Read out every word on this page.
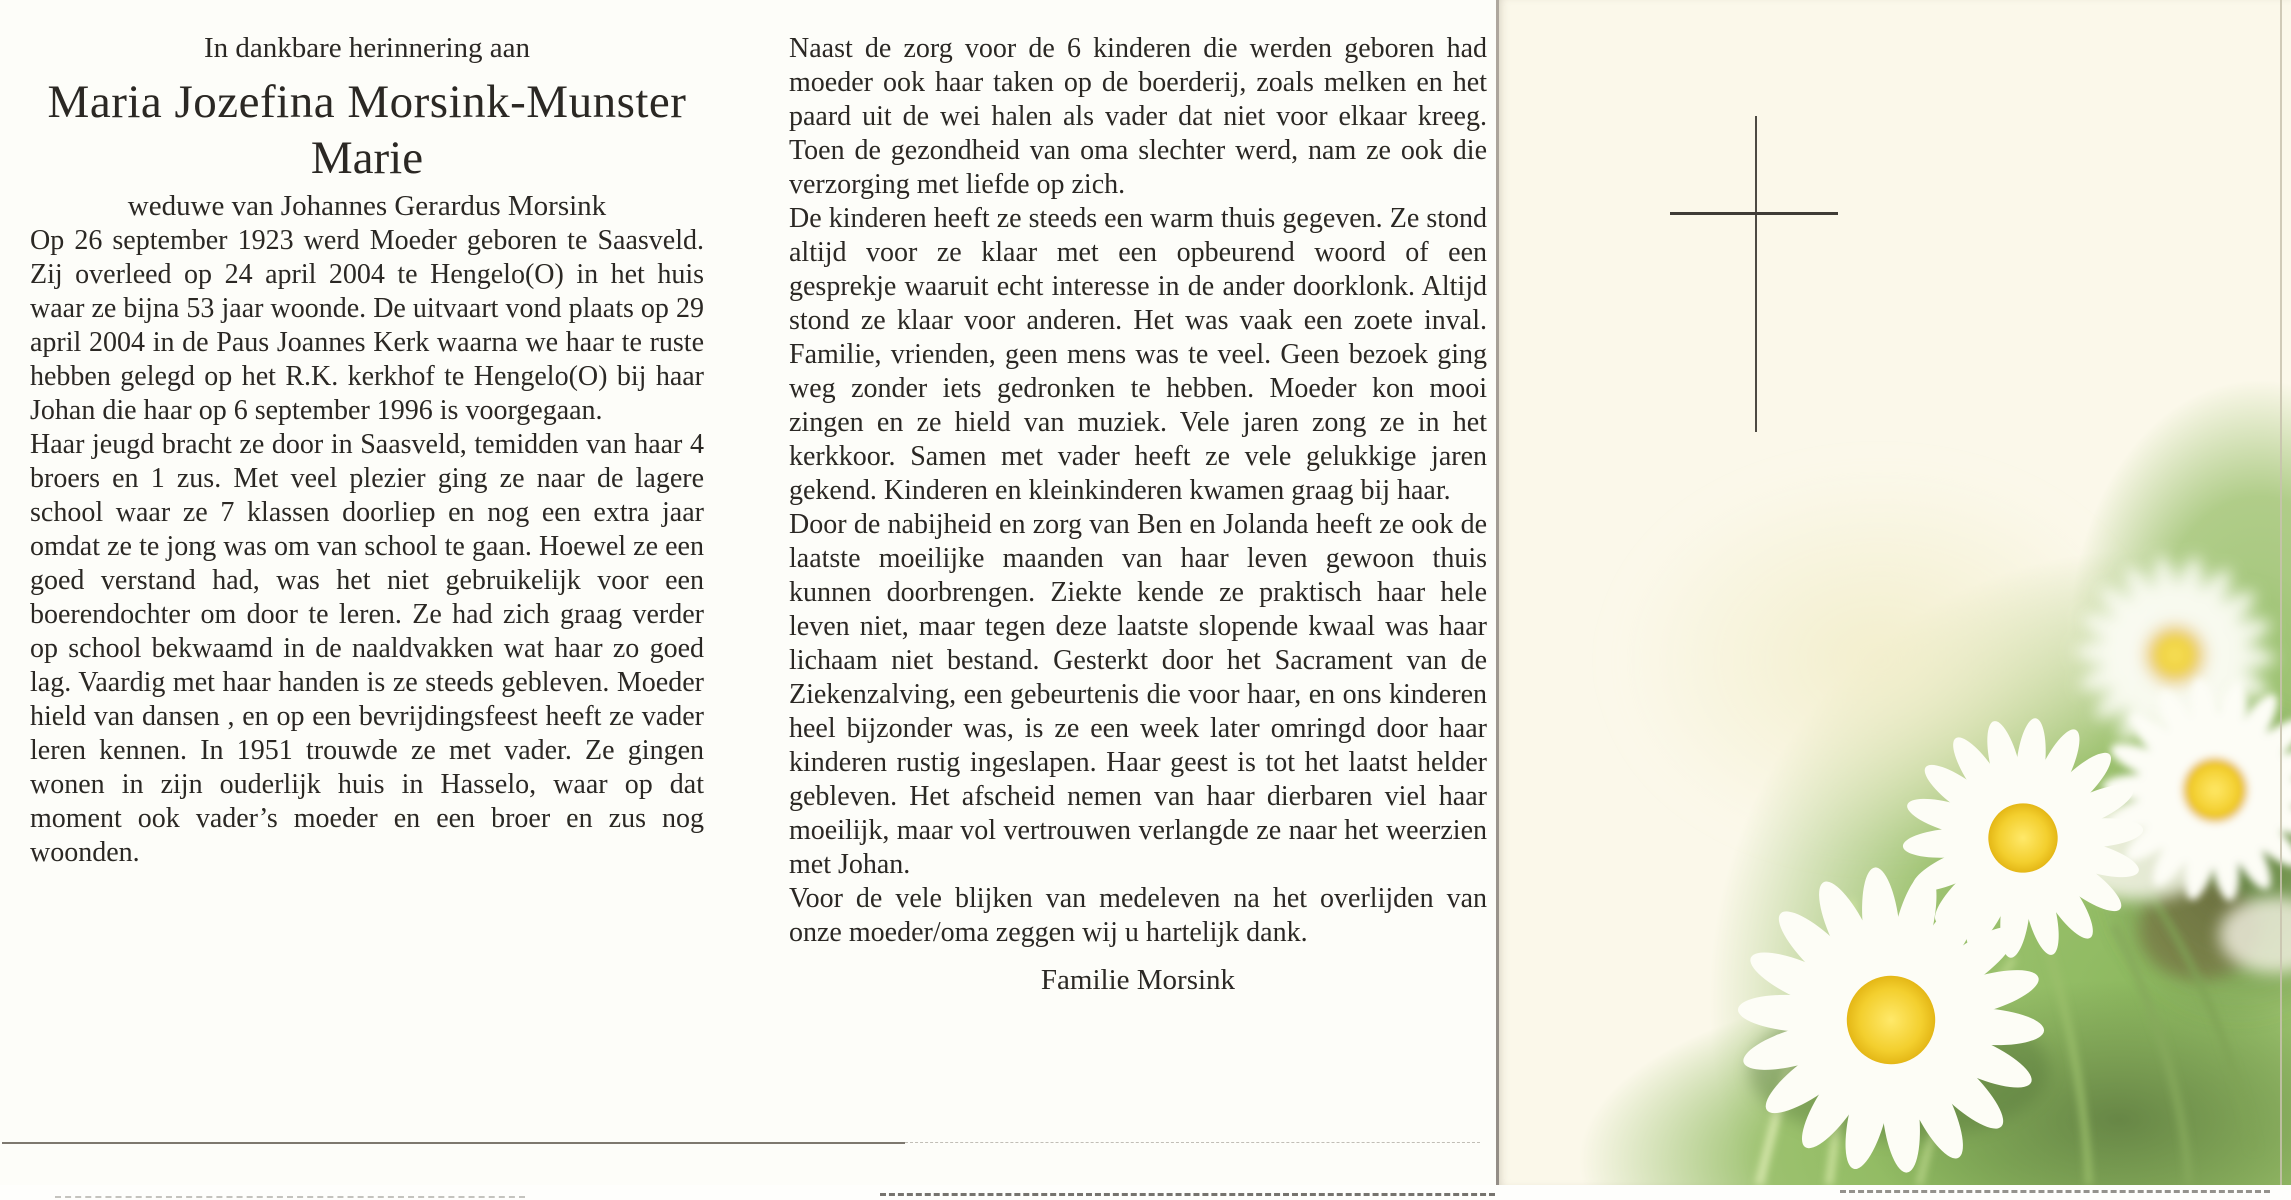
In dankbare herinnering aan
Maria Jozefina Morsink-Munster
Marie
weduwe van Johannes Gerardus Morsink

Op 26 september 1923 werd Moeder geboren te Saasveld. Zij overleed op 24 april 2004 te Hengelo(O) in het huis waar ze bijna 53 jaar woonde. De uitvaart vond plaats op 29 april 2004 in de Paus Joannes Kerk waarna we haar te ruste hebben gelegd op het R.K. kerkhof te Hengelo(O) bij haar Johan die haar op 6 september 1996 is voorgegaan.

Haar jeugd bracht ze door in Saasveld, temidden van haar 4 broers en 1 zus. Met veel plezier ging ze naar de lagere school waar ze 7 klassen doorliep en nog een extra jaar omdat ze te jong was om van school te gaan. Hoewel ze een goed verstand had, was het niet gebruikelijk voor een boerendochter om door te leren. Ze had zich graag verder op school bekwaamd in de naaldvakken wat haar zo goed lag. Vaardig met haar handen is ze steeds gebleven. Moeder hield van dansen , en op een bevrijdingsfeest heeft ze vader leren kennen. In 1951 trouwde ze met vader. Ze gingen wonen in zijn ouderlijk huis in Hasselo, waar op dat moment ook vader’s moeder en een broer en zus nog woonden.

Naast de zorg voor de 6 kinderen die werden geboren had moeder ook haar taken op de boerderij, zoals melken en het paard uit de wei halen als vader dat niet voor elkaar kreeg. Toen de gezondheid van oma slechter werd, nam ze ook die verzorging met liefde op zich.

De kinderen heeft ze steeds een warm thuis gegeven. Ze stond altijd voor ze klaar met een opbeurend woord of een gesprekje waaruit echt interesse in de ander doorklonk. Altijd stond ze klaar voor anderen. Het was vaak een zoete inval. Familie, vrienden, geen mens was te veel. Geen bezoek ging weg zonder iets gedronken te hebben. Moeder kon mooi zingen en ze hield van muziek. Vele jaren zong ze in het kerkkoor. Samen met vader heeft ze vele gelukkige jaren gekend. Kinderen en kleinkinderen kwamen graag bij haar.

Door de nabijheid en zorg van Ben en Jolanda heeft ze ook de laatste moeilijke maanden van haar leven gewoon thuis kunnen doorbrengen. Ziekte kende ze praktisch haar hele leven niet, maar tegen deze laatste slopende kwaal was haar lichaam niet bestand. Gesterkt door het Sacrament van de Ziekenzalving, een gebeurtenis die voor haar, en ons kinderen heel bijzonder was, is ze een week later omringd door haar kinderen rustig ingeslapen. Haar geest is tot het laatst helder gebleven. Het afscheid nemen van haar dierbaren viel haar moeilijk, maar vol vertrouwen verlangde ze naar het weerzien met Johan.

Voor de vele blijken van medeleven na het overlijden van onze moeder/oma zeggen wij u hartelijk dank.

Familie Morsink
